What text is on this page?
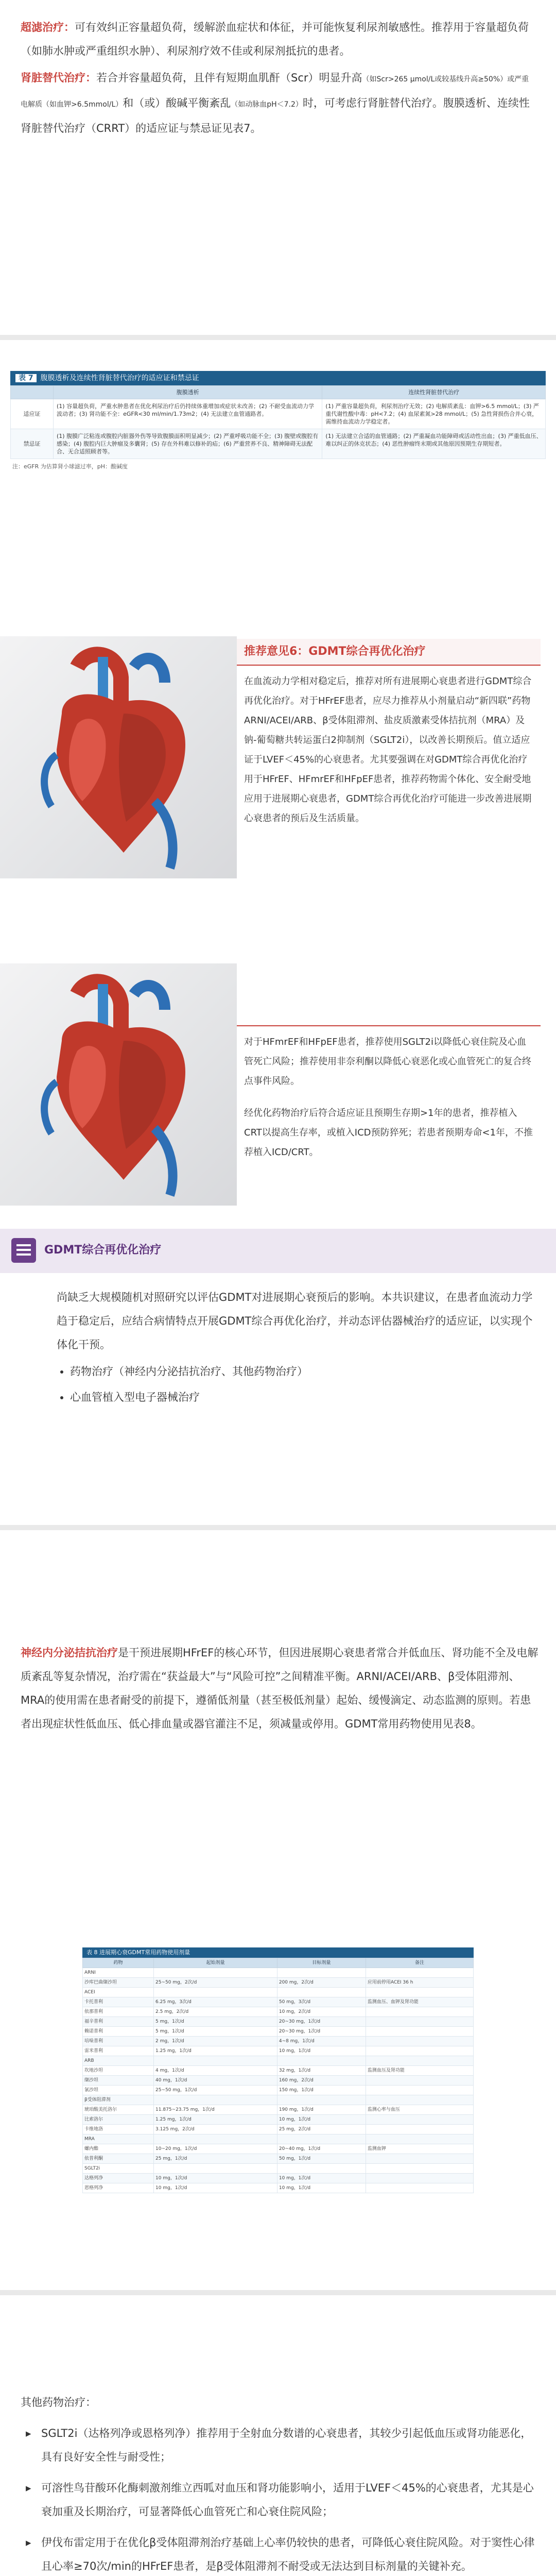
超滤治疗：可有效纠正容量超负荷，缓解淤血症状和体征，并可能恢复利尿剂敏感性。推荐用于容量超负荷（如肺水肿或严重组织水肿）、利尿剂疗效不佳或利尿剂抵抗的患者。

肾脏替代治疗：若合并容量超负荷，且伴有短期血肌酐（Scr）明显升高（如Scr>265 μmol/L或较基线升高≥50%）或严重电解质（如血钾>6.5mmol/L）和（或）酸碱平衡紊乱（如动脉血pH＜7.2）时，可考虑行肾脏替代治疗。腹膜透析、连续性肾脏替代治疗（CRRT）的适应证与禁忌证见表7。

表 7 腹膜透析及连续性肾脏替代治疗的适应证和禁忌证
	腹膜透析	连续性肾脏替代治疗
适应证	(1) 容量超负荷，严重水肿患者在优化利尿治疗后仍持续体重增加或症状未改善；(2) 不耐受血流动力学波动者；(3) 肾功能不全：eGFR<30 ml/min/1.73m2；(4) 无法建立血管通路者。	(1) 严重容量超负荷，利尿剂治疗无效；(2) 电解质紊乱：血钾>6.5 mmol/L；(3) 严重代谢性酸中毒：pH<7.2；(4) 血尿素氮>28 mmol/L；(5) 急性肾损伤合并心衰，需维持血流动力学稳定者。
禁忌证	(1) 腹膜广泛粘连或腹腔内脏器外伤等导致腹膜面积明显减少；(2) 严重呼吸功能不全；(3) 腹壁或腹腔有感染；(4) 腹腔内巨大肿瘤及多囊肾；(5) 存在外科难以修补的疝；(6) 严重营养不良、精神障碍无法配合、无合适照顾者等。	(1) 无法建立合适的血管通路；(2) 严重凝血功能障碍或活动性出血；(3) 严重低血压、难以纠正的休克状态；(4) 恶性肿瘤终末期或其他原因预期生存期短者。
注：eGFR 为估算肾小球滤过率，pH：酸碱度
推荐意见6：GDMT综合再优化治疗
在血流动力学相对稳定后，推荐对所有进展期心衰患者进行GDMT综合再优化治疗。对于HFrEF患者，应尽力推荐从小剂量启动“新四联”药物ARNI/ACEI/ARB、β受体阻滞剂、盐皮质激素受体拮抗剂（MRA）及钠-葡萄糖共转运蛋白2抑制剂（SGLT2i），以改善长期预后。值立适应证于LVEF＜45%的心衰患者。尤其要强调在对GDMT综合再优化治疗用于HFrEF、HFmrEF和HFpEF患者，推荐药物需个体化、安全耐受地应用于进展期心衰患者，GDMT综合再优化治疗可能进一步改善进展期心衰患者的预后及生活质量。
对于HFmrEF和HFpEF患者，推荐使用SGLT2i以降低心衰住院及心血管死亡风险；推荐使用非奈利酮以降低心衰恶化或心血管死亡的复合终点事件风险。
经优化药物治疗后符合适应证且预期生存期>1年的患者，推荐植入CRT以提高生存率，或植入ICD预防猝死；若患者预期寿命<1年，不推荐植入ICD/CRT。
GDMT综合再优化治疗
尚缺乏大规模随机对照研究以评估GDMT对进展期心衰预后的影响。本共识建议，在患者血流动力学趋于稳定后，应结合病情特点开展GDMT综合再优化治疗，并动态评估器械治疗的适应证，以实现个体化干预。
• 药物治疗（神经内分泌拮抗治疗、其他药物治疗）
• 心血管植入型电子器械治疗
神经内分泌拮抗治疗是干预进展期HFrEF的核心环节，但因进展期心衰患者常合并低血压、肾功能不全及电解质紊乱等复杂情况，治疗需在“获益最大”与“风险可控”之间精准平衡。ARNI/ACEI/ARB、β受体阻滞剂、MRA的使用需在患者耐受的前提下，遵循低剂量（甚至极低剂量）起始、缓慢滴定、动态监测的原则。若患者出现症状性低血压、低心排血量或器官灌注不足，须减量或停用。GDMT常用药物使用见表8。
表 8 进展期心衰GDMT常用药物使用剂量
药物	起始剂量	目标剂量	备注
ARNI			
沙库巴曲缬沙坦	25~50 mg，2次/d	200 mg，2次/d	应用前停用ACEI 36 h
ACEI			
卡托普利	6.25 mg，3次/d	50 mg，3次/d	监测血压、血钾及肾功能
依那普利	2.5 mg，2次/d	10 mg，2次/d	
福辛普利	5 mg，1次/d	20~30 mg，1次/d	
赖诺普利	5 mg，1次/d	20~30 mg，1次/d	
培哚普利	2 mg，1次/d	4~8 mg，1次/d	
雷米普利	1.25 mg，1次/d	10 mg，1次/d	
ARB			
坎地沙坦	4 mg，1次/d	32 mg，1次/d	监测血压及肾功能
缬沙坦	40 mg，1次/d	160 mg，2次/d	
氯沙坦	25~50 mg，1次/d	150 mg，1次/d	
β受体阻滞剂			
琥珀酸美托洛尔	11.875~23.75 mg，1次/d	190 mg，1次/d	监测心率与血压
比索洛尔	1.25 mg，1次/d	10 mg，1次/d	
卡维地洛	3.125 mg，2次/d	25 mg，2次/d	
MRA			
螺内酯	10~20 mg，1次/d	20~40 mg，1次/d	监测血钾
依普利酮	25 mg，1次/d	50 mg，1次/d	
SGLT2i			
达格列净	10 mg，1次/d	10 mg，1次/d	
恩格列净	10 mg，1次/d	10 mg，1次/d	
其他药物治疗：
▸ SGLT2i（达格列净或恩格列净）推荐用于全射血分数谱的心衰患者，其较少引起低血压或肾功能恶化，具有良好安全性与耐受性；
▸ 可溶性鸟苷酸环化酶刺激剂维立西呱对血压和肾功能影响小，适用于LVEF＜45%的心衰患者，尤其是心衰加重及长期治疗，可显著降低心血管死亡和心衰住院风险；
▸ 伊伐布雷定用于在优化β受体阻滞剂治疗基础上心率仍较快的患者，可降低心衰住院风险。对于窦性心律且心率≥70次/min的HFrEF患者，是β受体阻滞剂不耐受或无法达到目标剂量的关键补充。
